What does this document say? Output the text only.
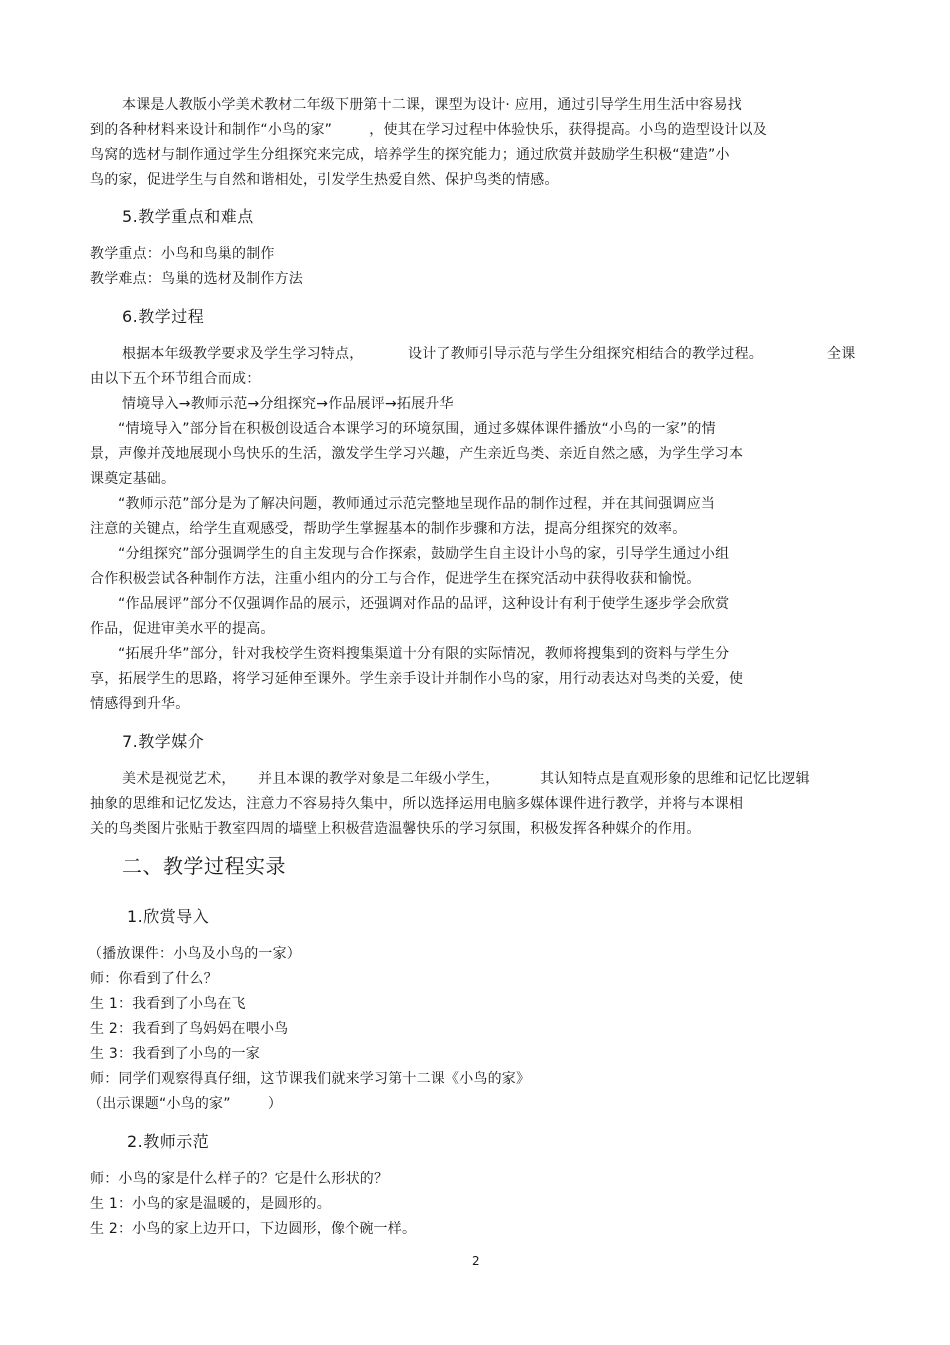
本课是人教版小学美术教材二年级下册第十二课，课型为设计· 应用，通过引导学生用生活中容易找
到的各种材料来设计和制作“小鸟的家”        ，使其在学习过程中体验快乐，获得提高。小鸟的造型设计以及
鸟窝的选材与制作通过学生分组探究来完成，培养学生的探究能力；通过欣赏并鼓励学生积极“建造”小
鸟的家，促进学生与自然和谐相处，引发学生热爱自然、保护鸟类的情感。
5.教学重点和难点
教学重点：小鸟和鸟巢的制作
教学难点：鸟巢的选材及制作方法
6.教学过程
根据本年级教学要求及学生学习特点，	设计了教师引导示范与学生分组探究相结合的教学过程。	全课
由以下五个环节组合而成：
情境导入→教师示范→分组探究→作品展评→拓展升华
“情境导入”部分旨在积极创设适合本课学习的环境氛围，通过多媒体课件播放“小鸟的一家”的情
景，声像并茂地展现小鸟快乐的生活，激发学生学习兴趣，产生亲近鸟类、亲近自然之感，为学生学习本
课奠定基础。
“教师示范”部分是为了解决问题，教师通过示范完整地呈现作品的制作过程，并在其间强调应当
注意的关键点，给学生直观感受，帮助学生掌握基本的制作步骤和方法，提高分组探究的效率。
“分组探究”部分强调学生的自主发现与合作探索，鼓励学生自主设计小鸟的家，引导学生通过小组
合作积极尝试各种制作方法，注重小组内的分工与合作，促进学生在探究活动中获得收获和愉悦。
“作品展评”部分不仅强调作品的展示，还强调对作品的品评，这种设计有利于使学生逐步学会欣赏
作品，促进审美水平的提高。
“拓展升华”部分，针对我校学生资料搜集渠道十分有限的实际情况，教师将搜集到的资料与学生分
享，拓展学生的思路，将学习延伸至课外。学生亲手设计并制作小鸟的家，用行动表达对鸟类的关爱，使
情感得到升华。
7.教学媒介
美术是视觉艺术， 并且本课的教学对象是二年级小学生，	其认知特点是直观形象的思维和记忆比逻辑
抽象的思维和记忆发达，注意力不容易持久集中，所以选择运用电脑多媒体课件进行教学，并将与本课相
关的鸟类图片张贴于教室四周的墙壁上积极营造温馨快乐的学习氛围，积极发挥各种媒介的作用。
二、教学过程实录
1.欣赏导入
（播放课件：小鸟及小鸟的一家）
师：你看到了什么？
生 1：我看到了小鸟在飞
生 2：我看到了鸟妈妈在喂小鸟
生 3：我看到了小鸟的一家
师：同学们观察得真仔细，这节课我们就来学习第十二课《小鸟的家》
（出示课题“小鸟的家”        ）
2.教师示范
师：小鸟的家是什么样子的？它是什么形状的？
生 1：小鸟的家是温暖的，是圆形的。
生 2：小鸟的家上边开口，下边圆形，像个碗一样。
2
